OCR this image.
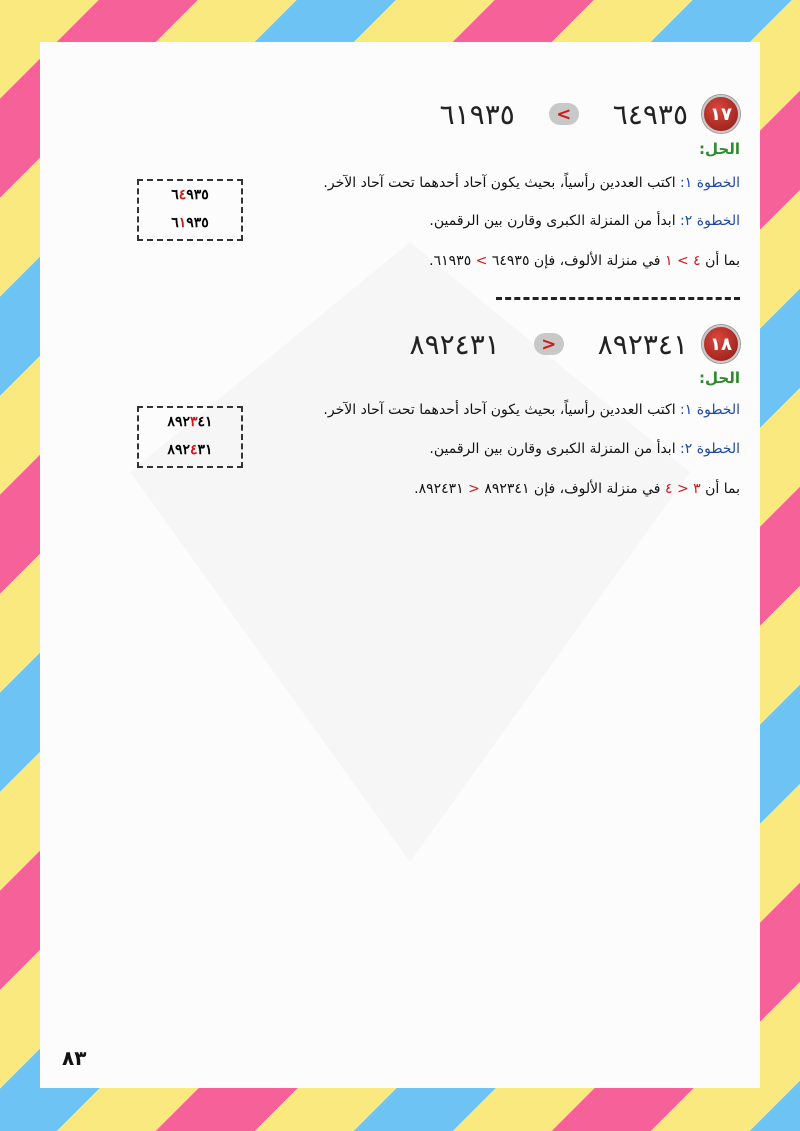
١٧
٦٤٩٣٥
>
٦١٩٣٥
الحل:
الخطوة ١: اكتب العددين رأسياً، بحيث يكون آحاد أحدهما تحت آحاد الآخر.
الخطوة ٢: ابدأ من المنزلة الكبرى وقارن بين الرقمين.
بما أن ٤ > ١ في منزلة الألوف، فإن ٦٤٩٣٥ > ٦١٩٣٥.
٦٤٩٣٥
٦١٩٣٥
١٨
٨٩٢٣٤١
<
٨٩٢٤٣١
الحل:
الخطوة ١: اكتب العددين رأسياً، بحيث يكون آحاد أحدهما تحت آحاد الآخر.
الخطوة ٢: ابدأ من المنزلة الكبرى وقارن بين الرقمين.
بما أن ٣ < ٤ في منزلة الألوف، فإن ٨٩٢٣٤١ < ٨٩٢٤٣١.
٨٩٢٣٤١
٨٩٢٤٣١
٨٣
